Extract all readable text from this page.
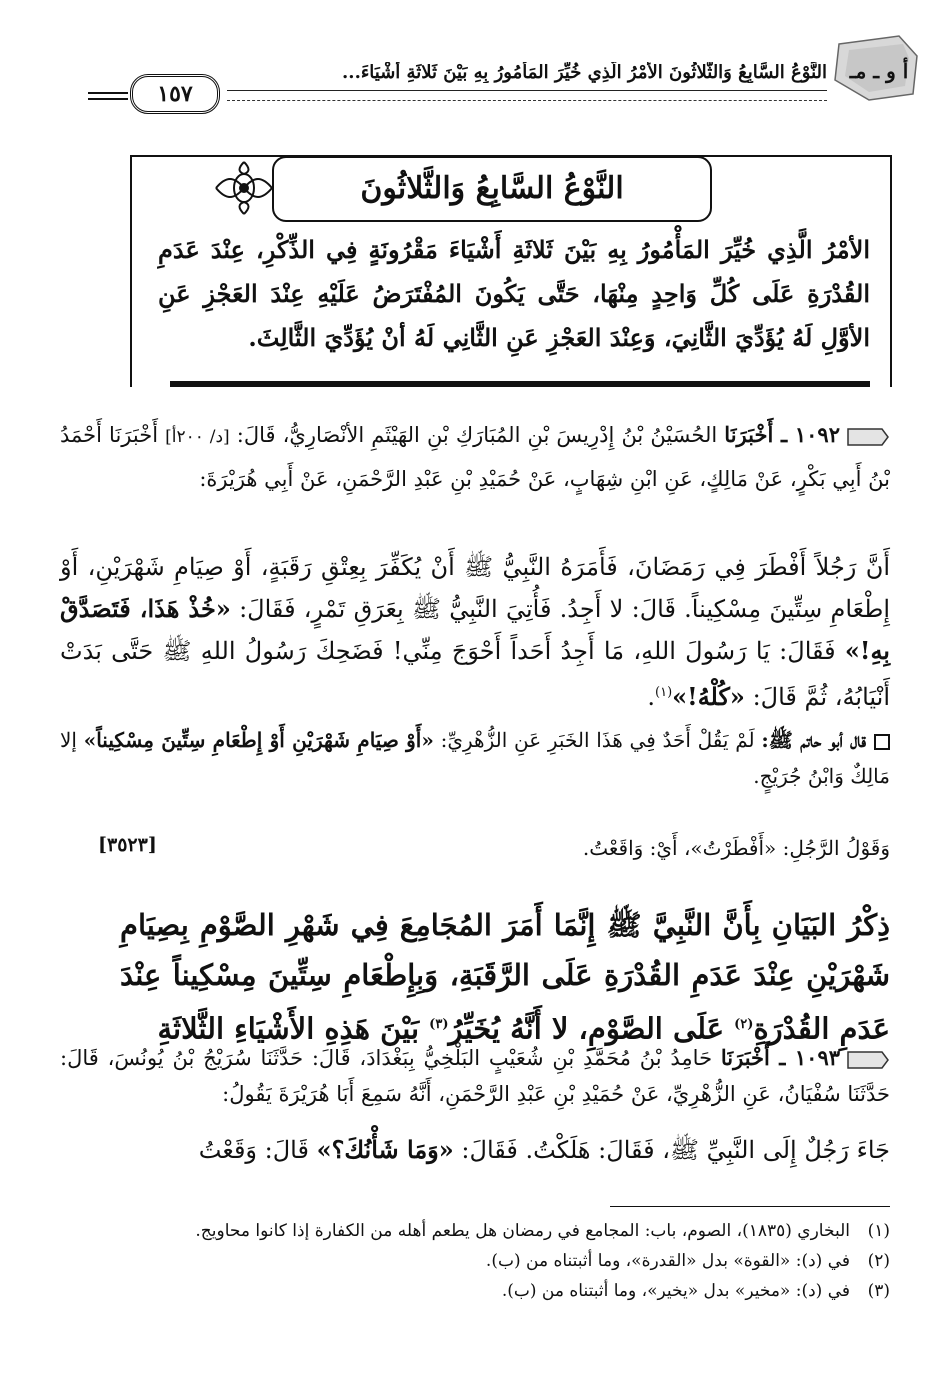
أ و ـ مـ
النَّوْعُ السَّابِعُ وَالثَّلاثُونَ الأمْرُ الَّذِي خُيِّرَ المَأْمُورُ بِهِ بَيْنَ ثَلاثَةِ أشْيَاءَ...
١٥٧
النَّوْعُ السَّابِعُ وَالثَّلاثُونَ
الأمْرُ الَّذِي خُيِّرَ المَأْمُورُ بِهِ بَيْنَ ثَلاثَةِ أَشْيَاءَ مَقْرُونَةٍ فِي الذِّكْرِ، عِنْدَ عَدَمِ القُدْرَةِ عَلَى كُلِّ وَاحِدٍ مِنْهَا، حَتَّى يَكُونَ المُفْتَرَضُ عَلَيْهِ عِنْدَ العَجْزِ عَنِ الأوَّلِ لَهُ يُؤَدِّيَ الثَّانِيَ، وَعِنْدَ العَجْزِ عَنِ الثَّانِي لَهُ أنْ يُؤَدِّيَ الثَّالِثَ.
١٠٩٢ ـ أَخْبَرَنَا الحُسَيْنُ بْنُ إِدْرِيسَ بْنِ المُبَارَكِ بْنِ الهَيْثَمِ الأنْصَارِيُّ، قَالَ: [د/ ٢٠٠أ] أَخْبَرَنَا أَحْمَدُ بْنُ أَبِي بَكْرٍ، عَنْ مَالِكٍ، عَنِ ابْنِ شِهَابٍ، عَنْ حُمَيْدِ بْنِ عَبْدِ الرَّحْمَنِ، عَنْ أَبِي هُرَيْرَةَ:
أَنَّ رَجُلاً أَفْطَرَ فِي رَمَضَانَ، فَأَمَرَهُ النَّبِيُّ ﷺ أَنْ يُكَفِّرَ بِعِتْقِ رَقَبَةٍ، أَوْ صِيَامِ شَهْرَيْنِ، أَوْ إِطْعَامِ سِتِّينَ مِسْكِيناً. قَالَ: لا أَجِدُ. فَأُتِيَ النَّبِيُّ ﷺ بِعَرَقِ تَمْرٍ، فَقَالَ: «خُذْ هَذَا، فَتَصَدَّقْ بِهِ!» فَقَالَ: يَا رَسُولَ اللهِ، مَا أَجِدُ أَحَداً أَحْوَجَ مِنِّي! فَضَحِكَ رَسُولُ اللهِ ﷺ حَتَّى بَدَتْ أَنْيَابُهُ، ثُمَّ قَالَ: «كُلْهُ!»$^{(١)}$.
قال أبو حاتم ﷺ: لَمْ يَقُلْ أَحَدٌ فِي هَذَا الخَبَرِ عَنِ الزُّهْرِيِّ: «أَوْ صِيَامِ شَهْرَيْنِ أَوْ إِطْعَامِ سِتِّينَ مِسْكِيناً» إلا مَالِكٌ وَابْنُ جُرَيْجٍ.
وَقَوْلُ الرَّجُلِ: «أَفْطَرْتُ»، أَيْ: وَاقَعْتُ.
[٣٥٢٣]
ذِكْرُ البَيَانِ بِأَنَّ النَّبِيَّ ﷺ إِنَّمَا أَمَرَ المُجَامِعَ فِي شَهْرِ الصَّوْمِ بِصِيَامِ شَهْرَيْنِ عِنْدَ عَدَمِ القُدْرَةِ عَلَى الرَّقَبَةِ، وَبِإِطْعَامِ سِتِّينَ مِسْكِيناً عِنْدَ عَدَمِ القُدْرَةِ$^{(٢)}$ عَلَى الصَّوْمِ، لا أَنَّهُ يُخَيِّرُ$^{(٣)}$ بَيْنَ هَذِهِ الأَشْيَاءِ الثَّلاثَةِ
١٠٩٣ ـ أَخْبَرَنَا حَامِدُ بْنُ مُحَمَّدِ بْنِ شُعَيْبٍ البَلْخِيُّ بِبَغْدَادَ، قَالَ: حَدَّثَنَا سُرَيْجُ بْنُ يُونُسَ، قَالَ: حَدَّثَنَا سُفْيَانُ، عَنِ الزُّهْرِيِّ، عَنْ حُمَيْدِ بْنِ عَبْدِ الرَّحْمَنِ، أَنَّهُ سَمِعَ أَبَا هُرَيْرَةَ يَقُولُ:
جَاءَ رَجُلٌ إِلَى النَّبِيِّ ﷺ، فَقَالَ: هَلَكْتُ. فَقَالَ: «وَمَا شَأْنُكَ؟» قَالَ: وَقَعْتُ
(١)البخاري (١٨٣٥)، الصوم، باب: المجامع في رمضان هل يطعم أهله من الكفارة إذا كانوا محاويج.
(٢)في (د): «القوة» بدل «القدرة»، وما أثبتناه من (ب).
(٣)في (د): «مخير» بدل «يخير»، وما أثبتناه من (ب).
